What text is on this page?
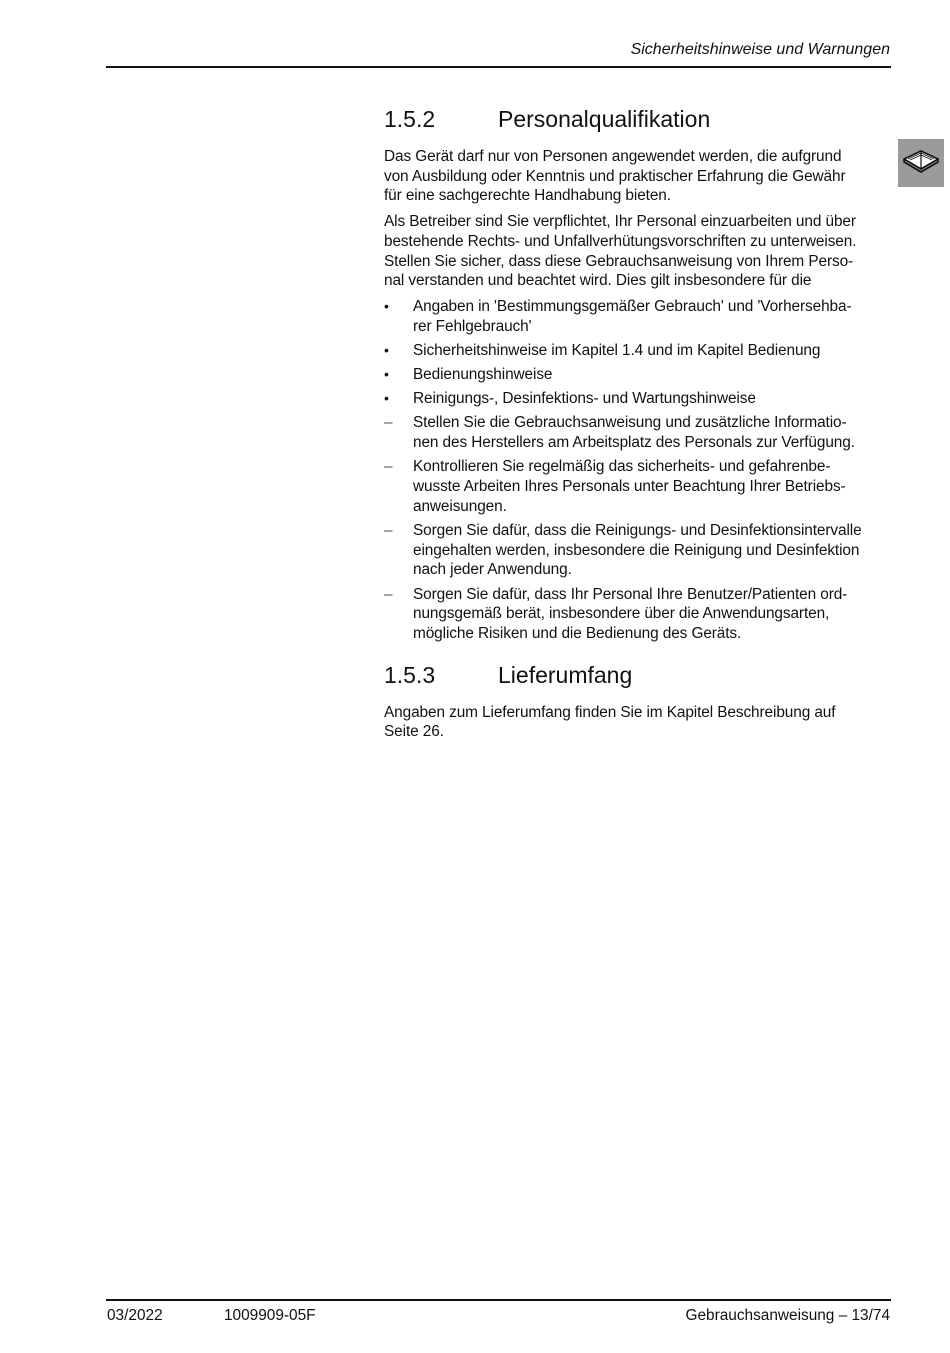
Sicherheitshinweise und Warnungen
1.5.2	Personalqualifikation

Das Gerät darf nur von Personen angewendet werden, die aufgrund
von Ausbildung oder Kenntnis und praktischer Erfahrung die Gewähr
für eine sachgerechte Handhabung bieten.

Als Betreiber sind Sie verpflichtet, Ihr Personal einzuarbeiten und über
bestehende Rechts- und Unfallverhütungsvorschriften zu unterweisen.
Stellen Sie sicher, dass diese Gebrauchsanweisung von Ihrem Perso-
nal verstanden und beachtet wird. Dies gilt insbesondere für die

•	Angaben in 'Bestimmungsgemäßer Gebrauch' und 'Vorhersehba-
rer Fehlgebrauch'
•	Sicherheitshinweise im Kapitel 1.4 und im Kapitel Bedienung
•	Bedienungshinweise
•	Reinigungs-, Desinfektions- und Wartungshinweise
–	Stellen Sie die Gebrauchsanweisung und zusätzliche Informatio-
nen des Herstellers am Arbeitsplatz des Personals zur Verfügung.
–	Kontrollieren Sie regelmäßig das sicherheits- und gefahrenbe-
wusste Arbeiten Ihres Personals unter Beachtung Ihrer Betriebs-
anweisungen.
–	Sorgen Sie dafür, dass die Reinigungs- und Desinfektionsintervalle
eingehalten werden, insbesondere die Reinigung und Desinfektion
nach jeder Anwendung.
–	Sorgen Sie dafür, dass Ihr Personal Ihre Benutzer/Patienten ord-
nungsgemäß berät, insbesondere über die Anwendungsarten,
mögliche Risiken und die Bedienung des Geräts.
1.5.3	Lieferumfang

Angaben zum Lieferumfang finden Sie im Kapitel Beschreibung auf
Seite 26.

03/2022	1009909-05F	Gebrauchsanweisung – 13/74
